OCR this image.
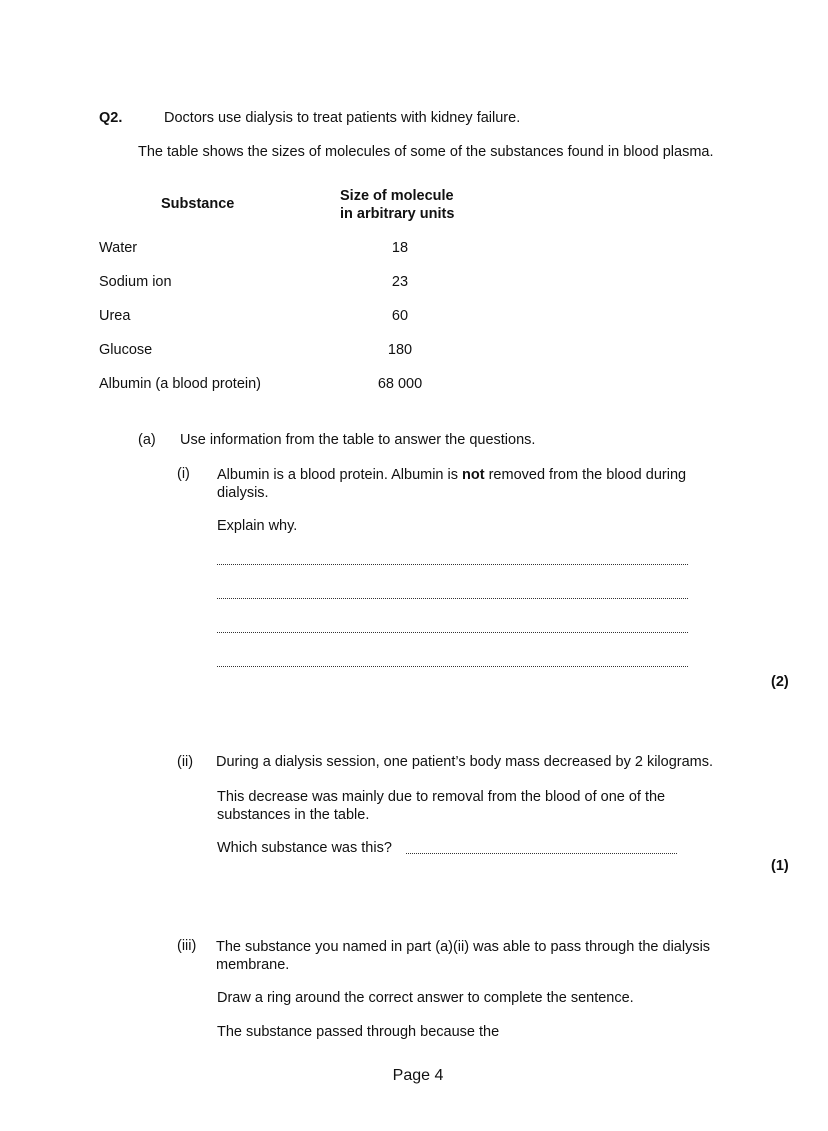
Q2.	Doctors use dialysis to treat patients with kidney failure.
The table shows the sizes of molecules of some of the substances found in blood plasma.
Substance	Size of molecule
in arbitrary units
Water	18
Sodium ion	23
Urea	60
Glucose	180
Albumin (a blood protein)	68 000
(a) Use information from the table to answer the questions.
(i) Albumin is a blood protein. Albumin is not removed from the blood during dialysis.
Explain why.
(2)
(ii) During a dialysis session, one patient’s body mass decreased by 2 kilograms.
This decrease was mainly due to removal from the blood of one of the substances in the table.
Which substance was this?
(1)
(iii) The substance you named in part (a)(ii) was able to pass through the dialysis membrane.
Draw a ring around the correct answer to complete the sentence.
The substance passed through because the
Page 4
